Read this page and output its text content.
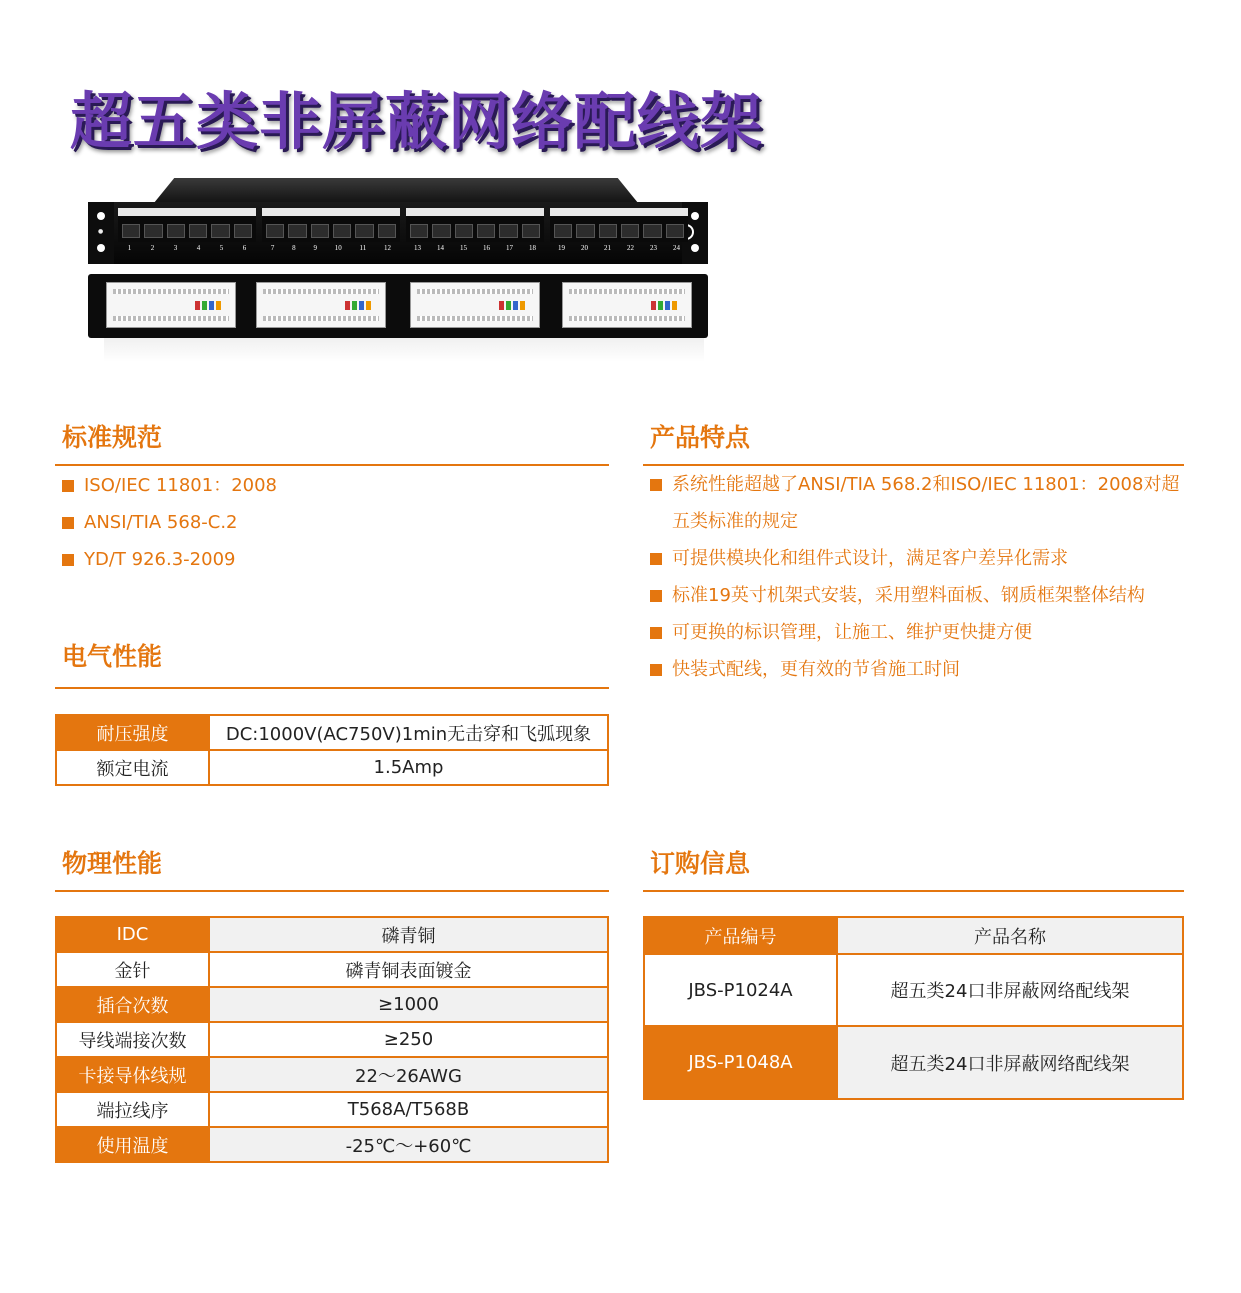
超五类非屏蔽网络配线架
●
1	2	3	4	5	6	7	8	9	10	11	12	13 14 15 16 17 18	19 20 21 22 23 24
标准规范
ISO/IEC 11801：2008
ANSI/TIA 568-C.2
YD/T 926.3-2009
产品特点
系统性能超越了ANSI/TIA 568.2和ISO/IEC 11801：2008对超
五类标准的规定
可提供模块化和组件式设计，满足客户差异化需求
标准19英寸机架式安装，采用塑料面板、钢质框架整体结构
可更换的标识管理，让施工、维护更快捷方便
快装式配线，更有效的节省施工时间
电气性能
耐压强度	DC:1000V(AC750V)1min无击穿和飞弧现象
额定电流	1.5Amp
物理性能
IDC	磷青铜
金针	磷青铜表面镀金
插合次数	≥1000
导线端接次数	≥250
卡接导体线规	22～26AWG
端拉线序	T568A/T568B
使用温度	-25℃～+60℃
订购信息
产品编号	产品名称
JBS-P1024A	超五类24口非屏蔽网络配线架
JBS-P1048A	超五类24口非屏蔽网络配线架
